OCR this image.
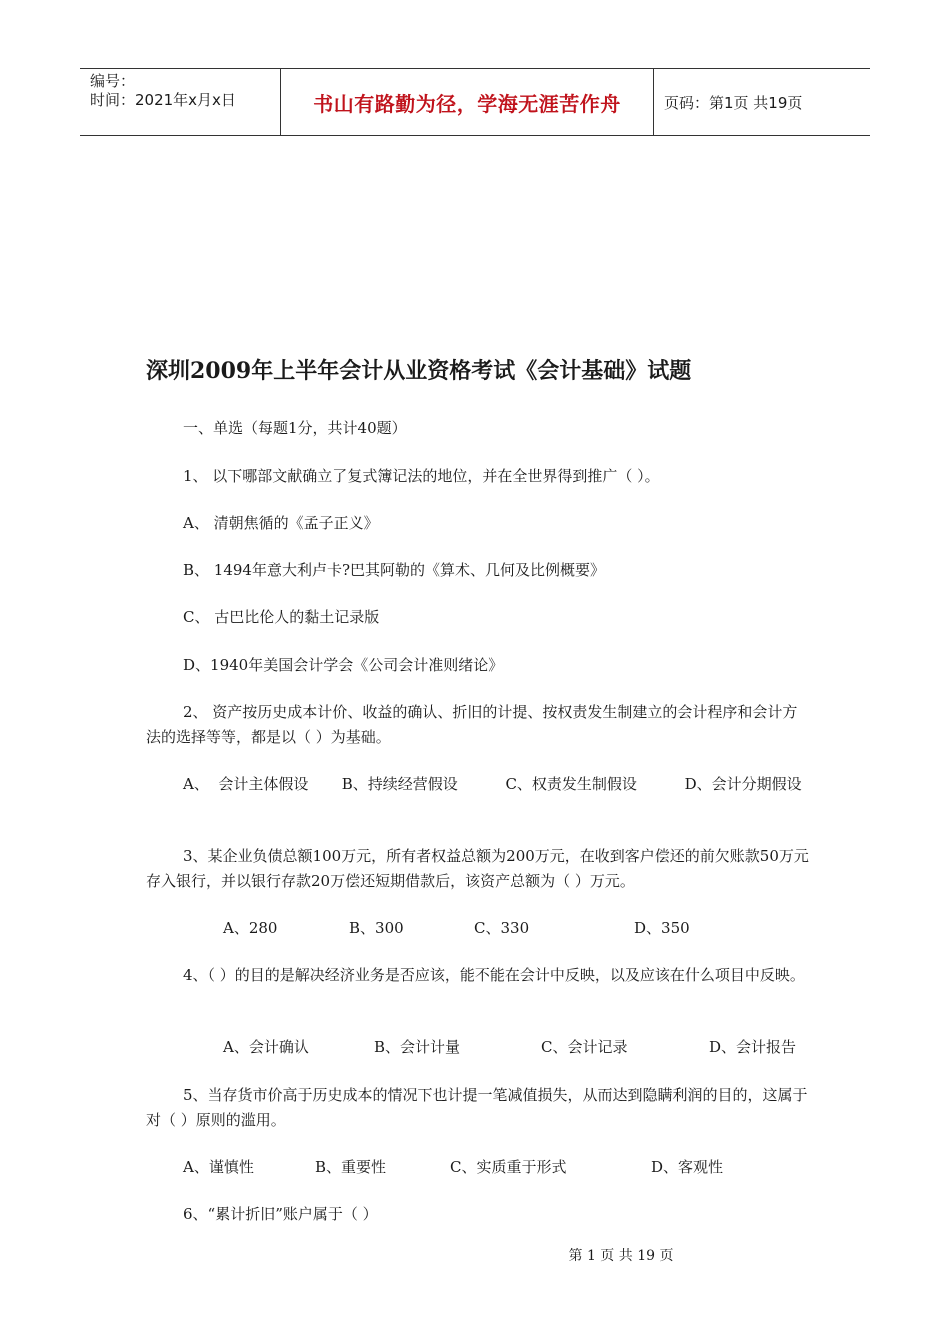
编号：
时间：2021年x月x日	书山有路勤为径，学海无涯苦作舟	页码：第1页 共19页
深圳2009年上半年会计从业资格考试《会计基础》试题
一、单选（每题1分，共计40题）
1、 以下哪部文献确立了复式簿记法的地位，并在全世界得到推广（ ）。
A、 清朝焦循的《孟子正义》
B、 1494年意大利卢卡?巴其阿勒的《算术、几何及比例概要》
C、 古巴比伦人的黏土记录版
D、1940年美国会计学会《公司会计准则绪论》
2、 资产按历史成本计价、收益的确认、折旧的计提、按权责发生制建立的会计程序和会计方法的选择等等，都是以（ ）为基础。
A、  会计主体假设       B、持续经营假设          C、权责发生制假设          D、会计分期假设
3、某企业负债总额100万元，所有者权益总额为200万元，在收到客户偿还的前欠账款50万元存入银行，并以银行存款20万偿还短期借款后，该资产总额为（ ）万元。
A、280	B、300	C、330	D、350
4、（ ）的目的是解决经济业务是否应该，能不能在会计中反映，以及应该在什么项目中反映。
A、会计确认	B、会计计量	C、会计记录	D、会计报告
5、当存货市价高于历史成本的情况下也计提一笔减值损失，从而达到隐瞒利润的目的，这属于对（ ）原则的滥用。
A、谨慎性	B、重要性	C、实质重于形式	D、客观性
6、“累计折旧”账户属于（ ）
第 1 页 共 19 页
